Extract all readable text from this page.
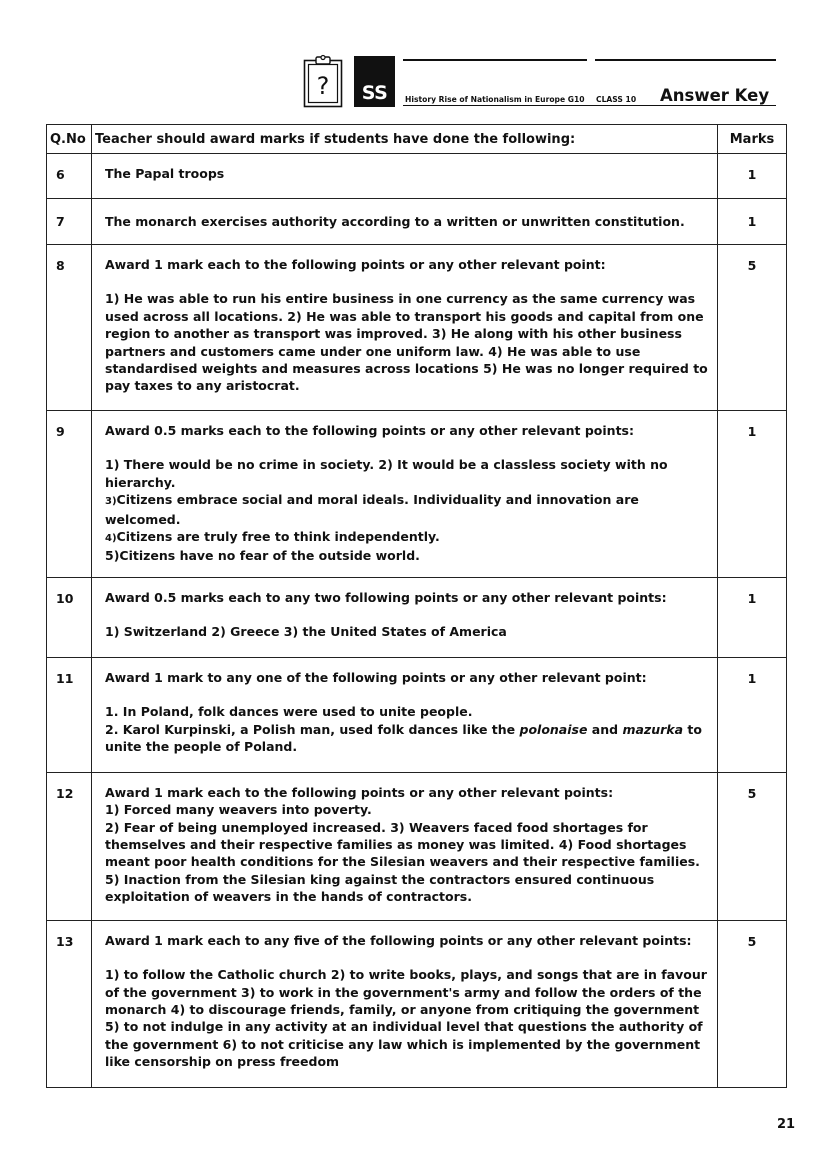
?	SS	History Rise of Nationalism in Europe G10 CLASS 10 Answer Key
Q.No	Teacher should award marks if students have done the following:	Marks
6	The Papal troops	1
7	The monarch exercises authority according to a written or unwritten constitution.	1
8	Award 1 mark each to the following points or any other relevant point:
1) He was able to run his entire business in one currency as the same currency was used across all locations. 2) He was able to transport his goods and capital from one region to another as transport was improved. 3) He along with his other business partners and customers came under one uniform law. 4) He was able to use standardised weights and measures across locations 5) He was no longer required to pay taxes to any aristocrat.	5
9	Award 0.5 marks each to the following points or any other relevant points:
1) There would be no crime in society. 2) It would be a classless society with no hierarchy.
3)Citizens embrace social and moral ideals. Individuality and innovation are welcomed.
4)Citizens are truly free to think independently.
5)Citizens have no fear of the outside world.	1
10	Award 0.5 marks each to any two following points or any other relevant points:
1) Switzerland 2) Greece 3) the United States of America	1
11	Award 1 mark to any one of the following points or any other relevant point:
1. In Poland, folk dances were used to unite people.
2. Karol Kurpinski, a Polish man, used folk dances like the polonaise and mazurka to unite the people of Poland.	1
12	Award 1 mark each to the following points or any other relevant points:
1) Forced many weavers into poverty.
2) Fear of being unemployed increased. 3) Weavers faced food shortages for themselves and their respective families as money was limited. 4) Food shortages meant poor health conditions for the Silesian weavers and their respective families.
5) Inaction from the Silesian king against the contractors ensured continuous exploitation of weavers in the hands of contractors.	5
13	Award 1 mark each to any five of the following points or any other relevant points:
1) to follow the Catholic church 2) to write books, plays, and songs that are in favour of the government 3) to work in the government's army and follow the orders of the monarch 4) to discourage friends, family, or anyone from critiquing the government 5) to not indulge in any activity at an individual level that questions the authority of the government 6) to not criticise any law which is implemented by the government like censorship on press freedom	5
21
